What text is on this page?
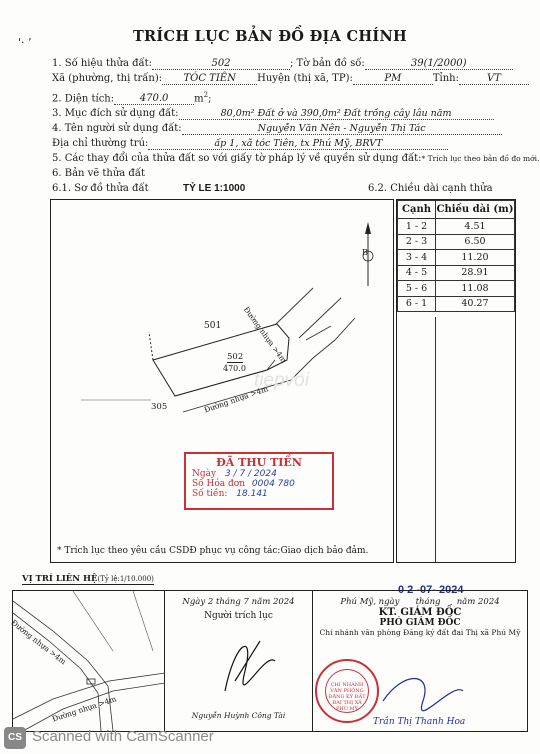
'· ’	TRÍCH LỤC BẢN ĐỒ ĐỊA CHÍNH
1. Số hiệu thửa đất:	502	; Tờ bản đồ số:	39(1/2000)
Xã (phường, thị trấn): TÓC TIÊN Huyện (thị xã, TP):	PM	Tỉnh:	VT
2. Diện tích:	470.0	$m^2$;
3. Mục đích sử dụng đất:	80,0m² Đất ở và 390,0m² Đất trồng cây lâu năm
4. Tên người sử dụng đất:	Nguyễn Văn Nên - Nguyễn Thị Tác
Địa chỉ thường trú:	ấp 1, xã tóc Tiên, tx Phú Mỹ, BRVT
5. Các thay đổi của thửa đất so với giấy tờ pháp lý về quyền sử dụng đất:* Trích lục theo bản đồ đo mới.
6. Bản vẽ thửa đất
6.1. Sơ đồ thửa đất	TỶ LE 1:1000	6.2. Chiều dài cạnh thửa
B
501
502
470.0
305
Đường nhựa >4m
Đường nhựa >4m
tiepvoi
ĐÃ THU TIỀN
Ngày 3 / 7 / 2024
Số Hóa đơn 0004 780
Số tiền: 18.141
* Trích lục theo yêu cầu CSDĐ phục vụ công tác:Giao dịch bảo đảm.
Cạnh	Chiều dài (m)
1 - 2	4.51
2 - 3	6.50
3 - 4	11.20
4 - 5	28.91
5 - 6	11.08
6 - 1	40.27
VỊ TRÍ LIÊN HỆ(Tỷ lệ:1/10.000)
0 2 -07- 2024
Đường nhựa >4m
Đường nhựa >4m
Ngày 2 tháng 7 năm 2024
Người trích lục
Nguyễn Huỳnh Công Tài
Phú Mỹ, ngày      tháng      năm 2024
KT. GIÁM ĐỐC
PHÓ GIÁM ĐỐC
Chi nhánh văn phòng Đăng ký đất đai Thị xã Phú Mỹ
CHI NHÁNH VĂN PHÒNG ĐĂNG KÝ ĐẤT ĐAI THỊ XÃ PHÚ MỸ
Trần Thị Thanh Hoa
CS Scanned with CamScanner
